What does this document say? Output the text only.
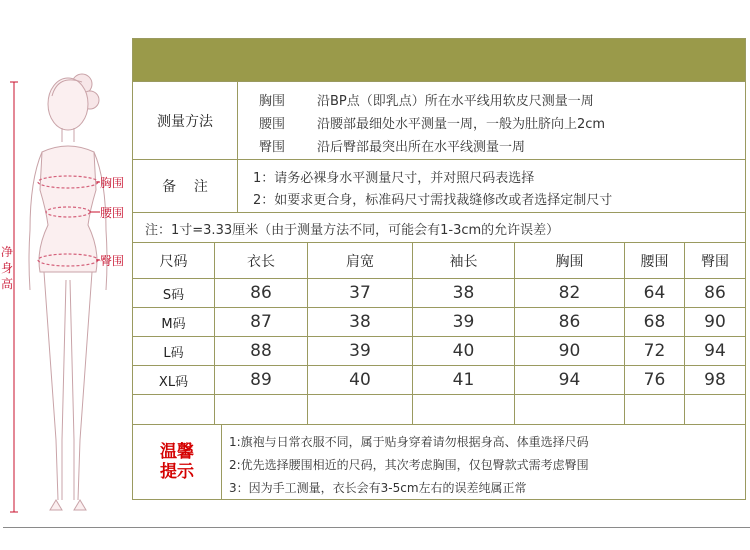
胸围
腰围
臀围
净身高
测量方法
胸围 沿BP点（即乳点）所在水平线用软皮尺测量一周
腰围 沿腰部最细处水平测量一周，一般为肚脐向上2cm
臀围 沿后臀部最突出所在水平线测量一周
备    注
1：请务必裸身水平测量尺寸，并对照尺码表选择
2：如要求更合身，标准码尺寸需找裁缝修改或者选择定制尺寸
注：1寸=3.33厘米（由于测量方法不同，可能会有1-3cm的允许误差）
尺码	衣长	肩宽	袖长	胸围	腰围	臀围
S码	86	37	38	82	64	86
M码	87	38	39	86	68	90
L码	88	39	40	90	72	94
XL码	89	40	41	94	76	98
温馨
提示
1:旗袍与日常衣服不同，属于贴身穿着请勿根据身高、体重选择尺码
2:优先选择腰围相近的尺码，其次考虑胸围，仅包臀款式需考虑臀围
3：因为手工测量，衣长会有3-5cm左右的误差纯属正常
